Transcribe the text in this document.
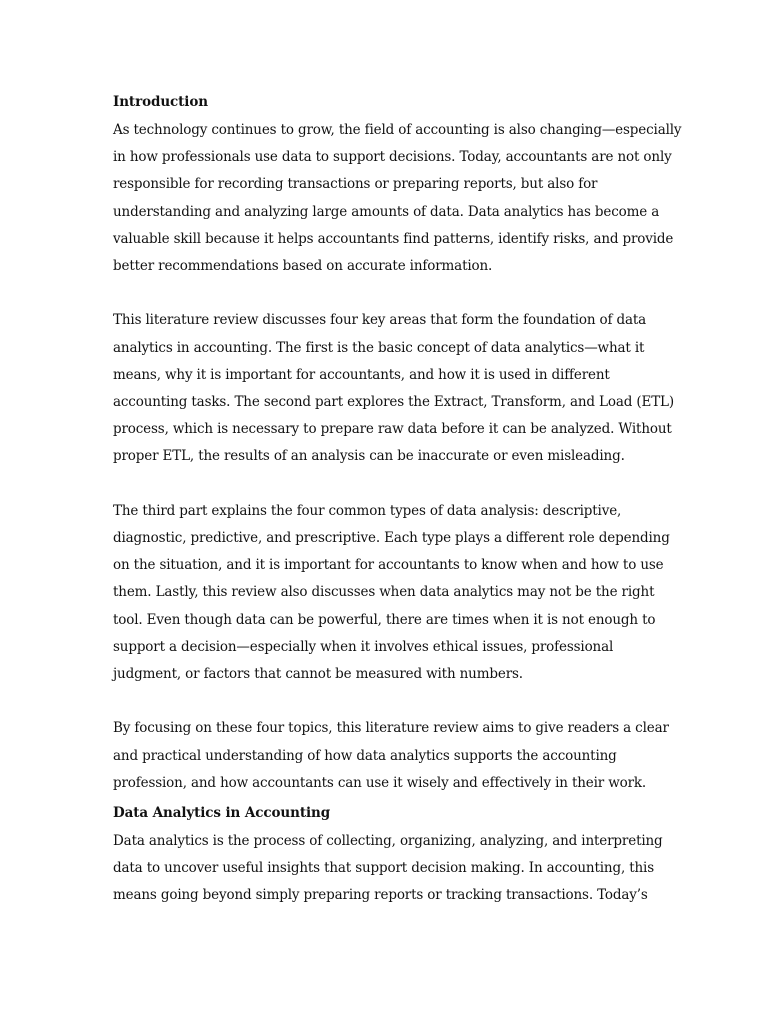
Introduction

As technology continues to grow, the field of accounting is also changing—especially
in how professionals use data to support decisions. Today, accountants are not only
responsible for recording transactions or preparing reports, but also for
understanding and analyzing large amounts of data. Data analytics has become a
valuable skill because it helps accountants find patterns, identify risks, and provide
better recommendations based on accurate information.

This literature review discusses four key areas that form the foundation of data
analytics in accounting. The first is the basic concept of data analytics—what it
means, why it is important for accountants, and how it is used in different
accounting tasks. The second part explores the Extract, Transform, and Load (ETL)
process, which is necessary to prepare raw data before it can be analyzed. Without
proper ETL, the results of an analysis can be inaccurate or even misleading.

The third part explains the four common types of data analysis: descriptive,
diagnostic, predictive, and prescriptive. Each type plays a different role depending
on the situation, and it is important for accountants to know when and how to use
them. Lastly, this review also discusses when data analytics may not be the right
tool. Even though data can be powerful, there are times when it is not enough to
support a decision—especially when it involves ethical issues, professional
judgment, or factors that cannot be measured with numbers.

By focusing on these four topics, this literature review aims to give readers a clear
and practical understanding of how data analytics supports the accounting
profession, and how accountants can use it wisely and effectively in their work.

Data Analytics in Accounting

Data analytics is the process of collecting, organizing, analyzing, and interpreting
data to uncover useful insights that support decision making. In accounting, this
means going beyond simply preparing reports or tracking transactions. Today’s
